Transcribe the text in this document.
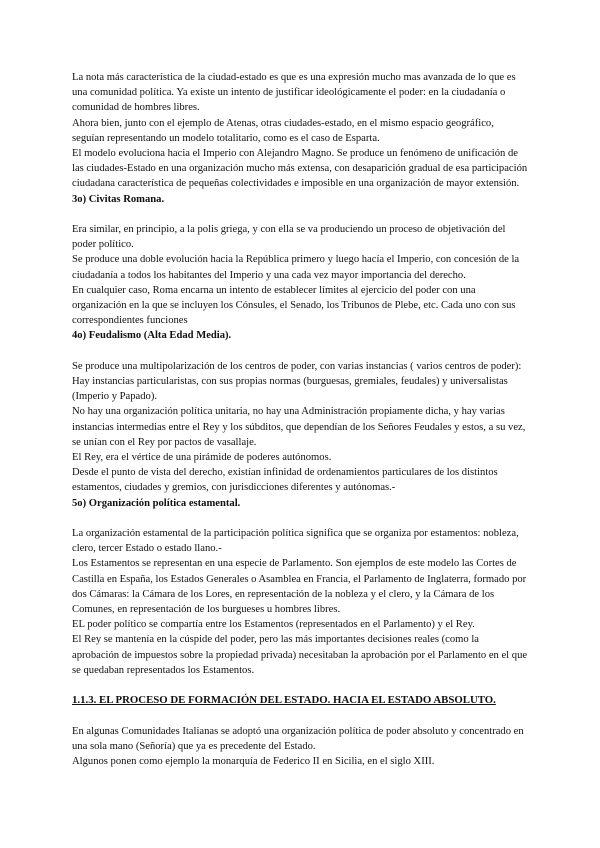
La nota más característica de la ciudad-estado es que es una expresión mucho mas avanzada de lo que es una comunidad política. Ya existe un intento de justificar ideológicamente el poder: en la ciudadanía o comunidad de hombres libres.

Ahora bien, junto con el ejemplo de Atenas, otras ciudades-estado, en el mismo espacio geográfico, seguían representando un modelo totalitario, como es el caso de Esparta.

El modelo evoluciona hacia el Imperio con Alejandro Magno. Se produce un fenómeno de unificación de las ciudades-Estado en una organización mucho más extensa, con desaparición gradual de esa participación ciudadana característica de pequeñas colectividades e imposible en una organización de mayor extensión.

3o) Civitas Romana.

Era similar, en principio, a la polis griega, y con ella se va produciendo un proceso de objetivación del poder político.

Se produce una doble evolución hacia la República primero y luego hacía el Imperio, con concesión de la ciudadanía a todos los habitantes del Imperio y una cada vez mayor importancia del derecho.

En cualquier caso, Roma encarna un intento de establecer límites al ejercicio del poder con una organización en la que se incluyen los Cónsules, el Senado, los Tribunos de Plebe, etc. Cada uno con sus correspondientes funciones

4o) Feudalismo (Alta Edad Media).

Se produce una multipolarización de los centros de poder, con varias instancias ( varios centros de poder):

Hay instancias particularistas, con sus propias normas (burguesas, gremiales, feudales) y universalistas (Imperio y Papado).

No hay una organización política unitaria, no hay una Administración propiamente dicha, y hay varias instancias intermedias entre el Rey y los súbditos, que dependían de los Señores Feudales y estos, a su vez, se unían con el Rey por pactos de vasallaje.

El Rey, era el vértice de una pirámide de poderes autónomos.

Desde el punto de vista del derecho, existían infinidad de ordenamientos particulares de los distintos estamentos, ciudades y gremios, con jurisdicciones diferentes y autónomas.-

5o) Organización política estamental.

La organización estamental de la participación política significa que se organiza por estamentos: nobleza, clero, tercer Estado o estado llano.-

Los Estamentos se representan en una especie de Parlamento. Son ejemplos de este modelo las Cortes de Castilla en España, los Estados Generales o Asamblea en Francia, el Parlamento de Inglaterra, formado por dos Cámaras: la Cámara de los Lores, en representación de la nobleza y el clero, y la Cámara de los Comunes, en representación de los burgueses u hombres libres.

EL poder político se compartía entre los Estamentos (representados en el Parlamento) y el Rey.

El Rey se mantenía en la cúspide del poder, pero las más importantes decisiones reales (como la aprobación de impuestos sobre la propiedad privada) necesitaban la aprobación por el Parlamento en el que se quedaban representados los Estamentos.

1.1.3. EL PROCESO DE FORMACIÓN DEL ESTADO. HACIA EL ESTADO ABSOLUTO.

En algunas Comunidades Italianas se adoptó una organización política de poder absoluto y concentrado en una sola mano (Señoría) que ya es precedente del Estado.

Algunos ponen como ejemplo la monarquía de Federico II en Sicilia, en el siglo XIII.
